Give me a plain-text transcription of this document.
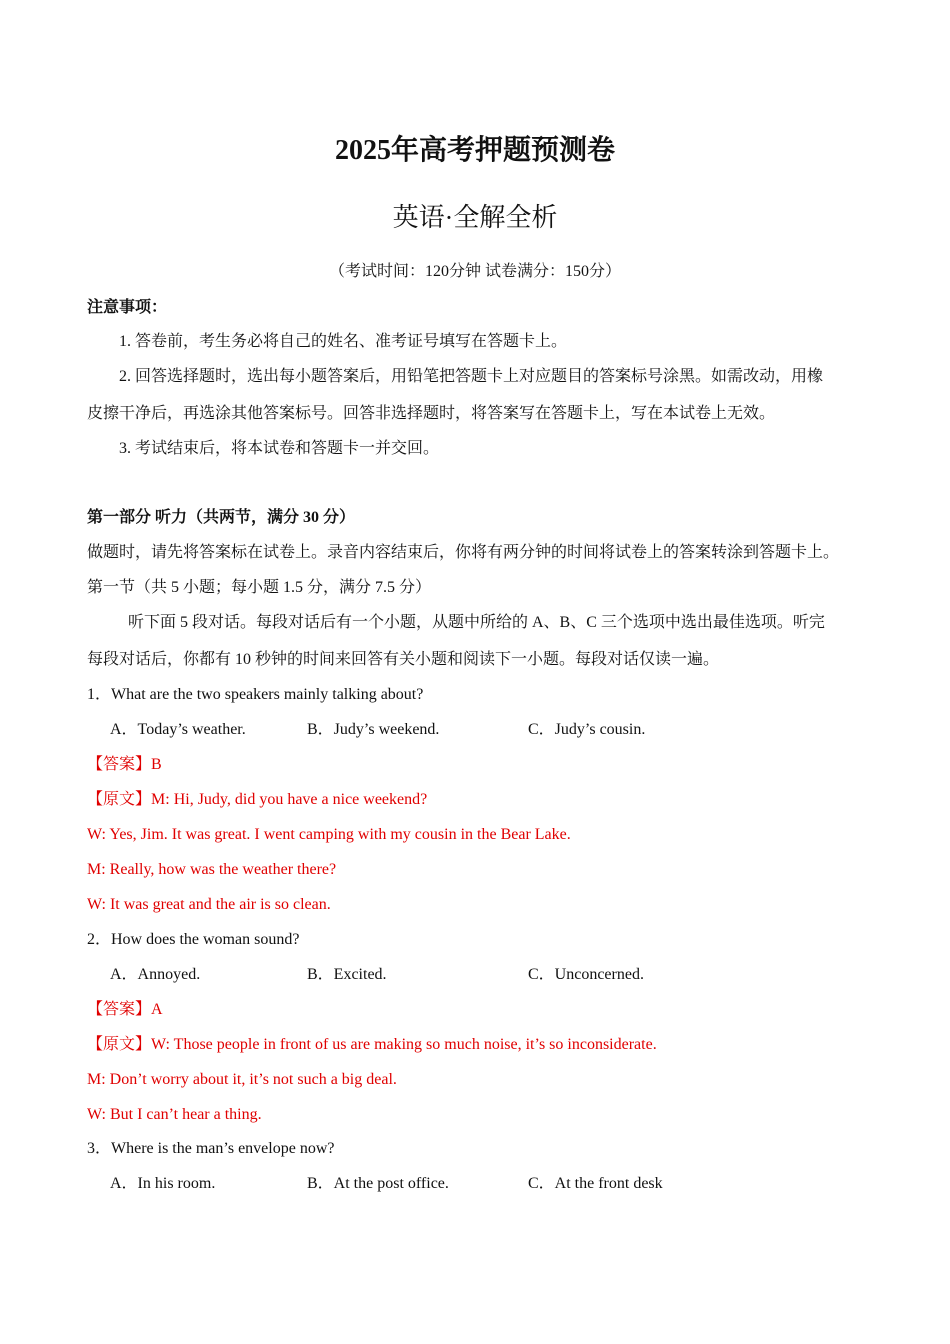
2025年高考押题预测卷
英语·全解全析
（考试时间：120分钟 试卷满分：150分）
注意事项：
1. 答卷前，考生务必将自己的姓名、准考证号填写在答题卡上。
2. 回答选择题时，选出每小题答案后，用铅笔把答题卡上对应题目的答案标号涂黑。如需改动，用橡
皮擦干净后，再选涂其他答案标号。回答非选择题时，将答案写在答题卡上，写在本试卷上无效。
3. 考试结束后，将本试卷和答题卡一并交回。
第一部分 听力（共两节，满分 30 分）
做题时，请先将答案标在试卷上。录音内容结束后，你将有两分钟的时间将试卷上的答案转涂到答题卡上。
第一节（共 5 小题；每小题 1.5 分，满分 7.5 分）
听下面 5 段对话。每段对话后有一个小题，从题中所给的 A、B、C 三个选项中选出最佳选项。听完
每段对话后，你都有 10 秒钟的时间来回答有关小题和阅读下一小题。每段对话仅读一遍。
1．What are the two speakers mainly talking about?
A．Today’s weather.	B．Judy’s weekend.	C．Judy’s cousin.
【答案】B
【原文】M: Hi, Judy, did you have a nice weekend?
W: Yes, Jim. It was great. I went camping with my cousin in the Bear Lake.
M: Really, how was the weather there?
W: It was great and the air is so clean.
2．How does the woman sound?
A．Annoyed.	B．Excited.	C．Unconcerned.
【答案】A
【原文】W: Those people in front of us are making so much noise, it’s so inconsiderate.
M: Don’t worry about it, it’s not such a big deal.
W: But I can’t hear a thing.
3．Where is the man’s envelope now?
A．In his room.	B．At the post office.	C．At the front desk
